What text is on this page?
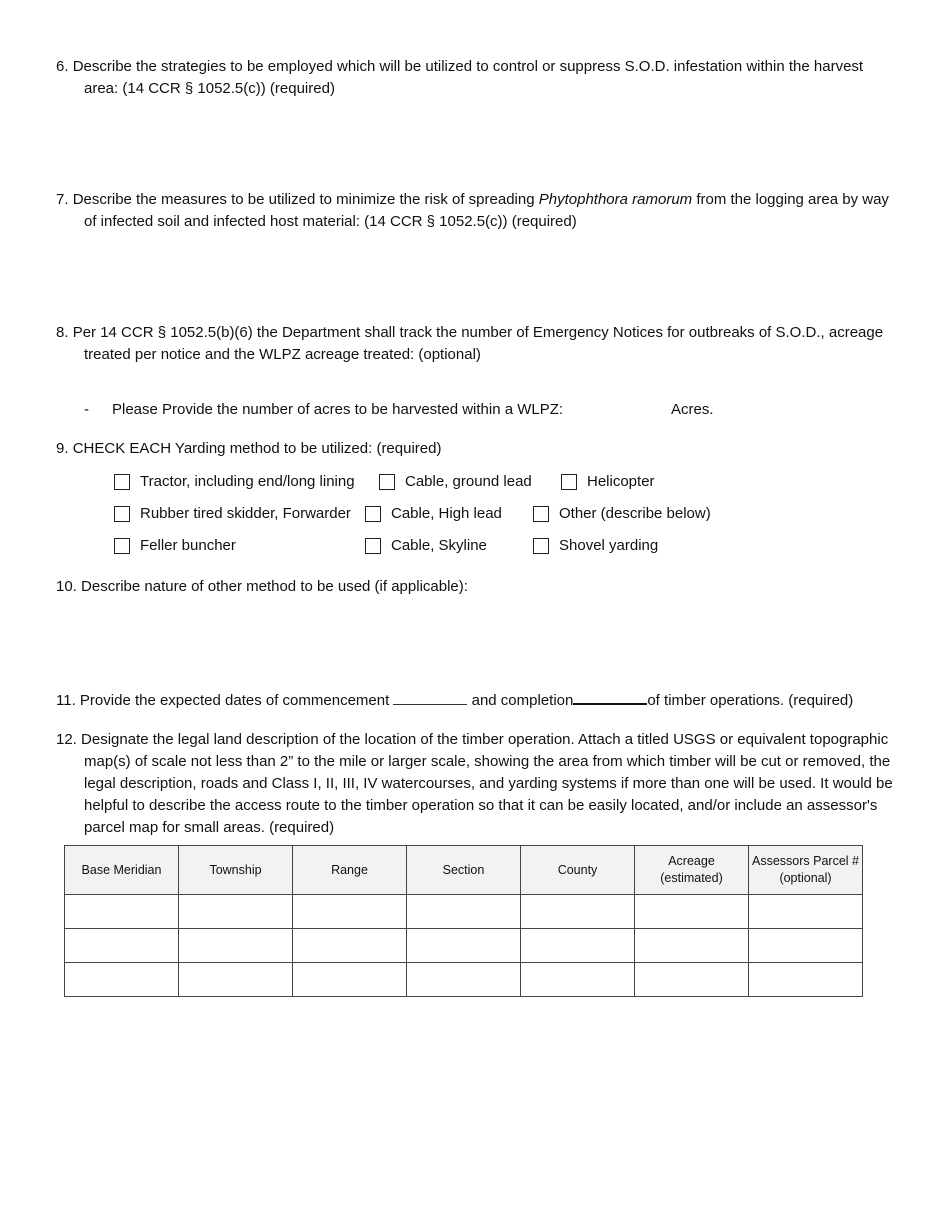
6. Describe the strategies to be employed which will be utilized to control or suppress S.O.D. infestation within the harvest area: (14 CCR § 1052.5(c)) (required)
7. Describe the measures to be utilized to minimize the risk of spreading Phytophthora ramorum from the logging area by way of infected soil and infected host material: (14 CCR § 1052.5(c)) (required)
8. Per 14 CCR § 1052.5(b)(6) the Department shall track the number of Emergency Notices for outbreaks of S.O.D., acreage treated per notice and the WLPZ acreage treated: (optional)
- Please Provide the number of acres to be harvested within a WLPZ:	Acres.
9. CHECK EACH Yarding method to be utilized: (required)
Tractor, including end/long lining	Cable, ground lead	Helicopter
Rubber tired skidder, Forwarder	Cable, High lead	Other (describe below)
Feller buncher	Cable, Skyline	Shovel yarding
10. Describe nature of other method to be used (if applicable):
11. Provide the expected dates of commencement	and completion	of timber operations. (required)
12. Designate the legal land description of the location of the timber operation. Attach a titled USGS or equivalent topographic map(s) of scale not less than 2” to the mile or larger scale, showing the area from which timber will be cut or removed, the legal description, roads and Class I, II, III, IV watercourses, and yarding systems if more than one will be used. It would be helpful to describe the access route to the timber operation so that it can be easily located, and/or include an assessor's parcel map for small areas. (required)
Base Meridian	Township	Range	Section	County	Acreage (estimated)	Assessors Parcel # (optional)
